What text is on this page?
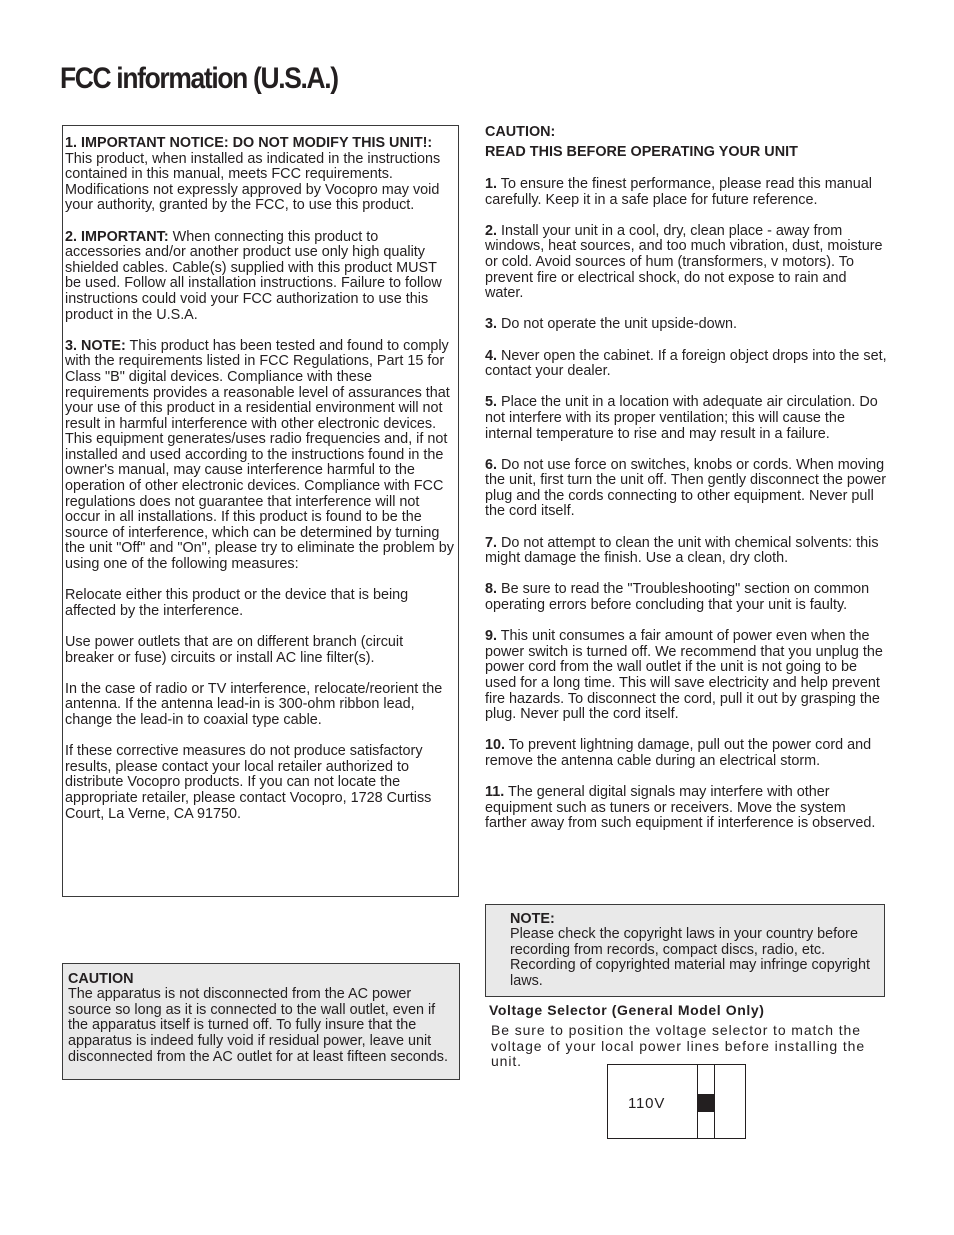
FCC information (U.S.A.)

1. IMPORTANT NOTICE: DO NOT MODIFY THIS UNIT!: This product, when installed as indicated in the instructions contained in this manual, meets FCC requirements. Modifications not expressly approved by Vocopro may void your authority, granted by the FCC, to use this product.

2. IMPORTANT: When connecting this product to accessories and/or another product use only high quality shielded cables. Cable(s) supplied with this product MUST be used. Follow all installation instructions. Failure to follow instructions could void your FCC authorization to use this product in the U.S.A.

3. NOTE: This product has been tested and found to comply with the requirements listed in FCC Regulations, Part 15 for Class "B" digital devices. Compliance with these requirements provides a reasonable level of assurances that your use of this product in a residential environment will not result in harmful interference with other electronic devices. This equipment generates/uses radio frequencies and, if not installed and used according to the instructions found in the owner's manual, may cause interference harmful to the operation of other electronic devices. Compliance with FCC regulations does not guarantee that interference will not occur in all installations. If this product is found to be the source of interference, which can be determined by turning the unit "Off" and "On", please try to eliminate the problem by using one of the following measures:

Relocate either this product or the device that is being affected by the interference.

Use power outlets that are on different branch (circuit breaker or fuse) circuits or install AC line filter(s).

In the case of radio or TV interference, relocate/reorient the antenna. If the antenna lead-in is 300-ohm ribbon lead, change the lead-in to coaxial type cable.

If these corrective measures do not produce satisfactory results, please contact your local retailer authorized to distribute Vocopro products. If you can not locate the appropriate retailer, please contact Vocopro, 1728 Curtiss Court, La Verne, CA 91750.

CAUTION

The apparatus is not disconnected from the AC power source so long as it is connected to the wall outlet, even if the apparatus itself is turned off. To fully insure that the apparatus is indeed fully void if residual power, leave unit disconnected from the AC outlet for at least fifteen seconds.

CAUTION:
READ THIS BEFORE OPERATING YOUR UNIT

1. To ensure the finest performance, please read this manual carefully. Keep it in a safe place for future reference.

2. Install your unit in a cool, dry, clean place - away from windows, heat sources, and too much vibration, dust, moisture or cold. Avoid sources of hum (transformers, v motors). To prevent fire or electrical shock, do not expose to rain and water.

3. Do not operate the unit upside-down.

4. Never open the cabinet. If a foreign object drops into the set, contact your dealer.

5. Place the unit in a location with adequate air circulation. Do not interfere with its proper ventilation; this will cause the internal temperature to rise and may result in a failure.

6. Do not use force on switches, knobs or cords. When moving the unit, first turn the unit off. Then gently disconnect the power plug and the cords connecting to other equipment. Never pull the cord itself.

7. Do not attempt to clean the unit with chemical solvents: this might damage the finish. Use a clean, dry cloth.

8. Be sure to read the "Troubleshooting" section on common operating errors before concluding that your unit is faulty.

9. This unit consumes a fair amount of power even when the power switch is turned off. We recommend that you unplug the power cord from the wall outlet if the unit is not going to be used for a long time. This will save electricity and help prevent fire hazards. To disconnect the cord, pull it out by grasping the plug. Never pull the cord itself.

10. To prevent lightning damage, pull out the power cord and remove the antenna cable during an electrical storm.

11. The general digital signals may interfere with other equipment such as tuners or receivers. Move the system farther away from such equipment if interference is observed.

NOTE:

Please check the copyright laws in your country before recording from records, compact discs, radio, etc. Recording of copyrighted material may infringe copyright laws.

Voltage Selector (General Model Only)

Be sure to position the voltage selector to match the voltage of your local power lines before installing the unit.

110V
